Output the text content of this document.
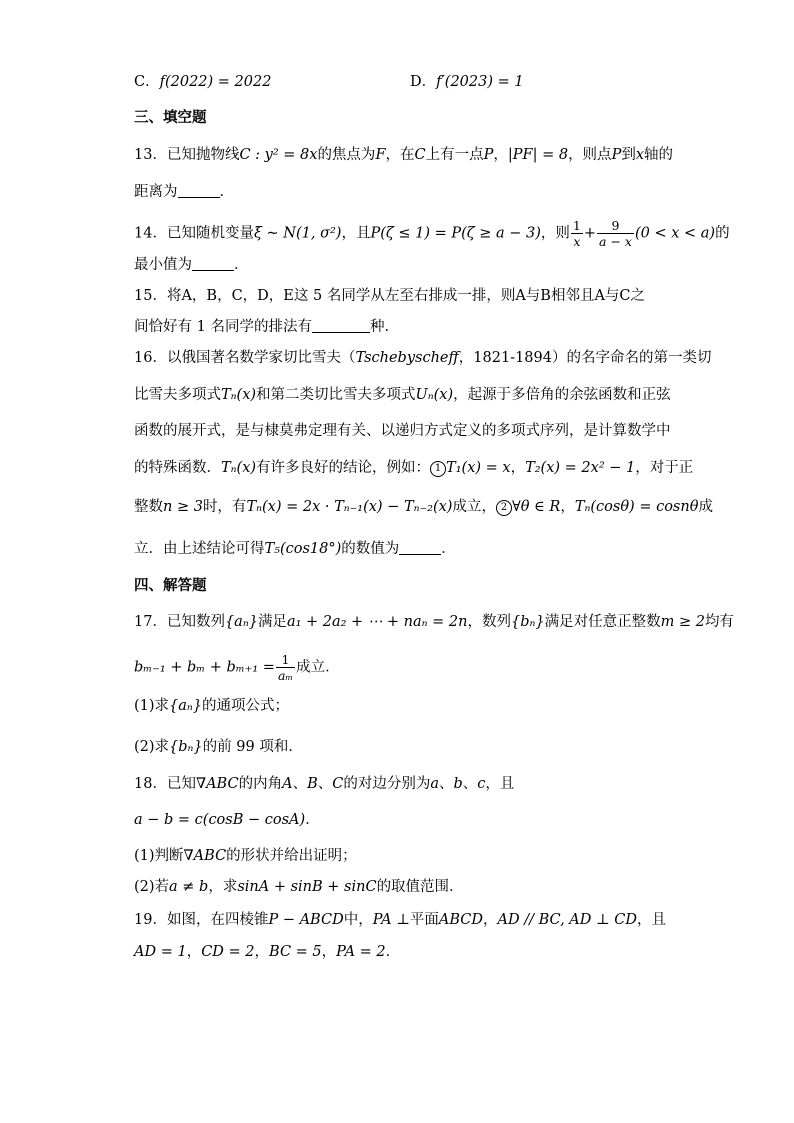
C．f(2022) = 2022	D．f′(2023) = 1
三、填空题
13．已知抛物线C : y² = 8x的焦点为F，在C上有一点P，|PF| = 8，则点P到x轴的
距离为	．
14．已知随机变量ξ ~ N(1, σ²)，且P(ζ ≤ 1) = P(ζ ≥ a − 3)，则 $\frac{1}{x} + \frac{9}{a - x} (0 < x < a)$的
最小值为	．
15．将A，B，C，D，E这 5 名同学从左至右排成一排，则A与B相邻且A与C之
间恰好有 1 名同学的排法有	种.
16．以俄国著名数学家切比雪夫（Tschebyscheff，1821-1894）的名字命名的第一类切
比雪夫多项式Tₙ(x)和第二类切比雪夫多项式Uₙ(x)，起源于多倍角的余弦函数和正弦
函数的展开式，是与棣莫弗定理有关、以递归方式定义的多项式序列，是计算数学中
的特殊函数．Tₙ(x)有许多良好的结论，例如： 1 T₁(x) = x，T₂(x) = 2x² − 1，对于正
整数n ≥ 3时，有Tₙ(x) = 2x · Tₙ₋₁(x) − Tₙ₋₂(x)成立， 2 ∀θ ∈ R，Tₙ(cosθ) = cosnθ成
立．由上述结论可得T₅(cos18°)的数值为	．
四、解答题
17．已知数列{aₙ}满足a₁ + 2a₂ + ⋯ + naₙ = 2n，数列{bₙ}满足对任意正整数m ≥ 2均有
$b_{m-1} + b_m + b_{m+1} = \frac{1}{\text{aₘ}}$ 成立．
(1)求{aₙ}的通项公式；
(2)求{bₙ}的前 99 项和．
18．已知∇ABC的内角A、B、C的对边分别为a、b、c，且
a − b = c(cosB − cosA)．
(1)判断∇ABC的形状并给出证明；
(2)若a ≠ b，求sinA + sinB + sinC的取值范围．
19．如图，在四棱锥P − ABCD中，PA ⊥平面ABCD，AD // BC, AD ⊥ CD，且
AD = 1，CD = 2，BC = 5，PA = 2．
